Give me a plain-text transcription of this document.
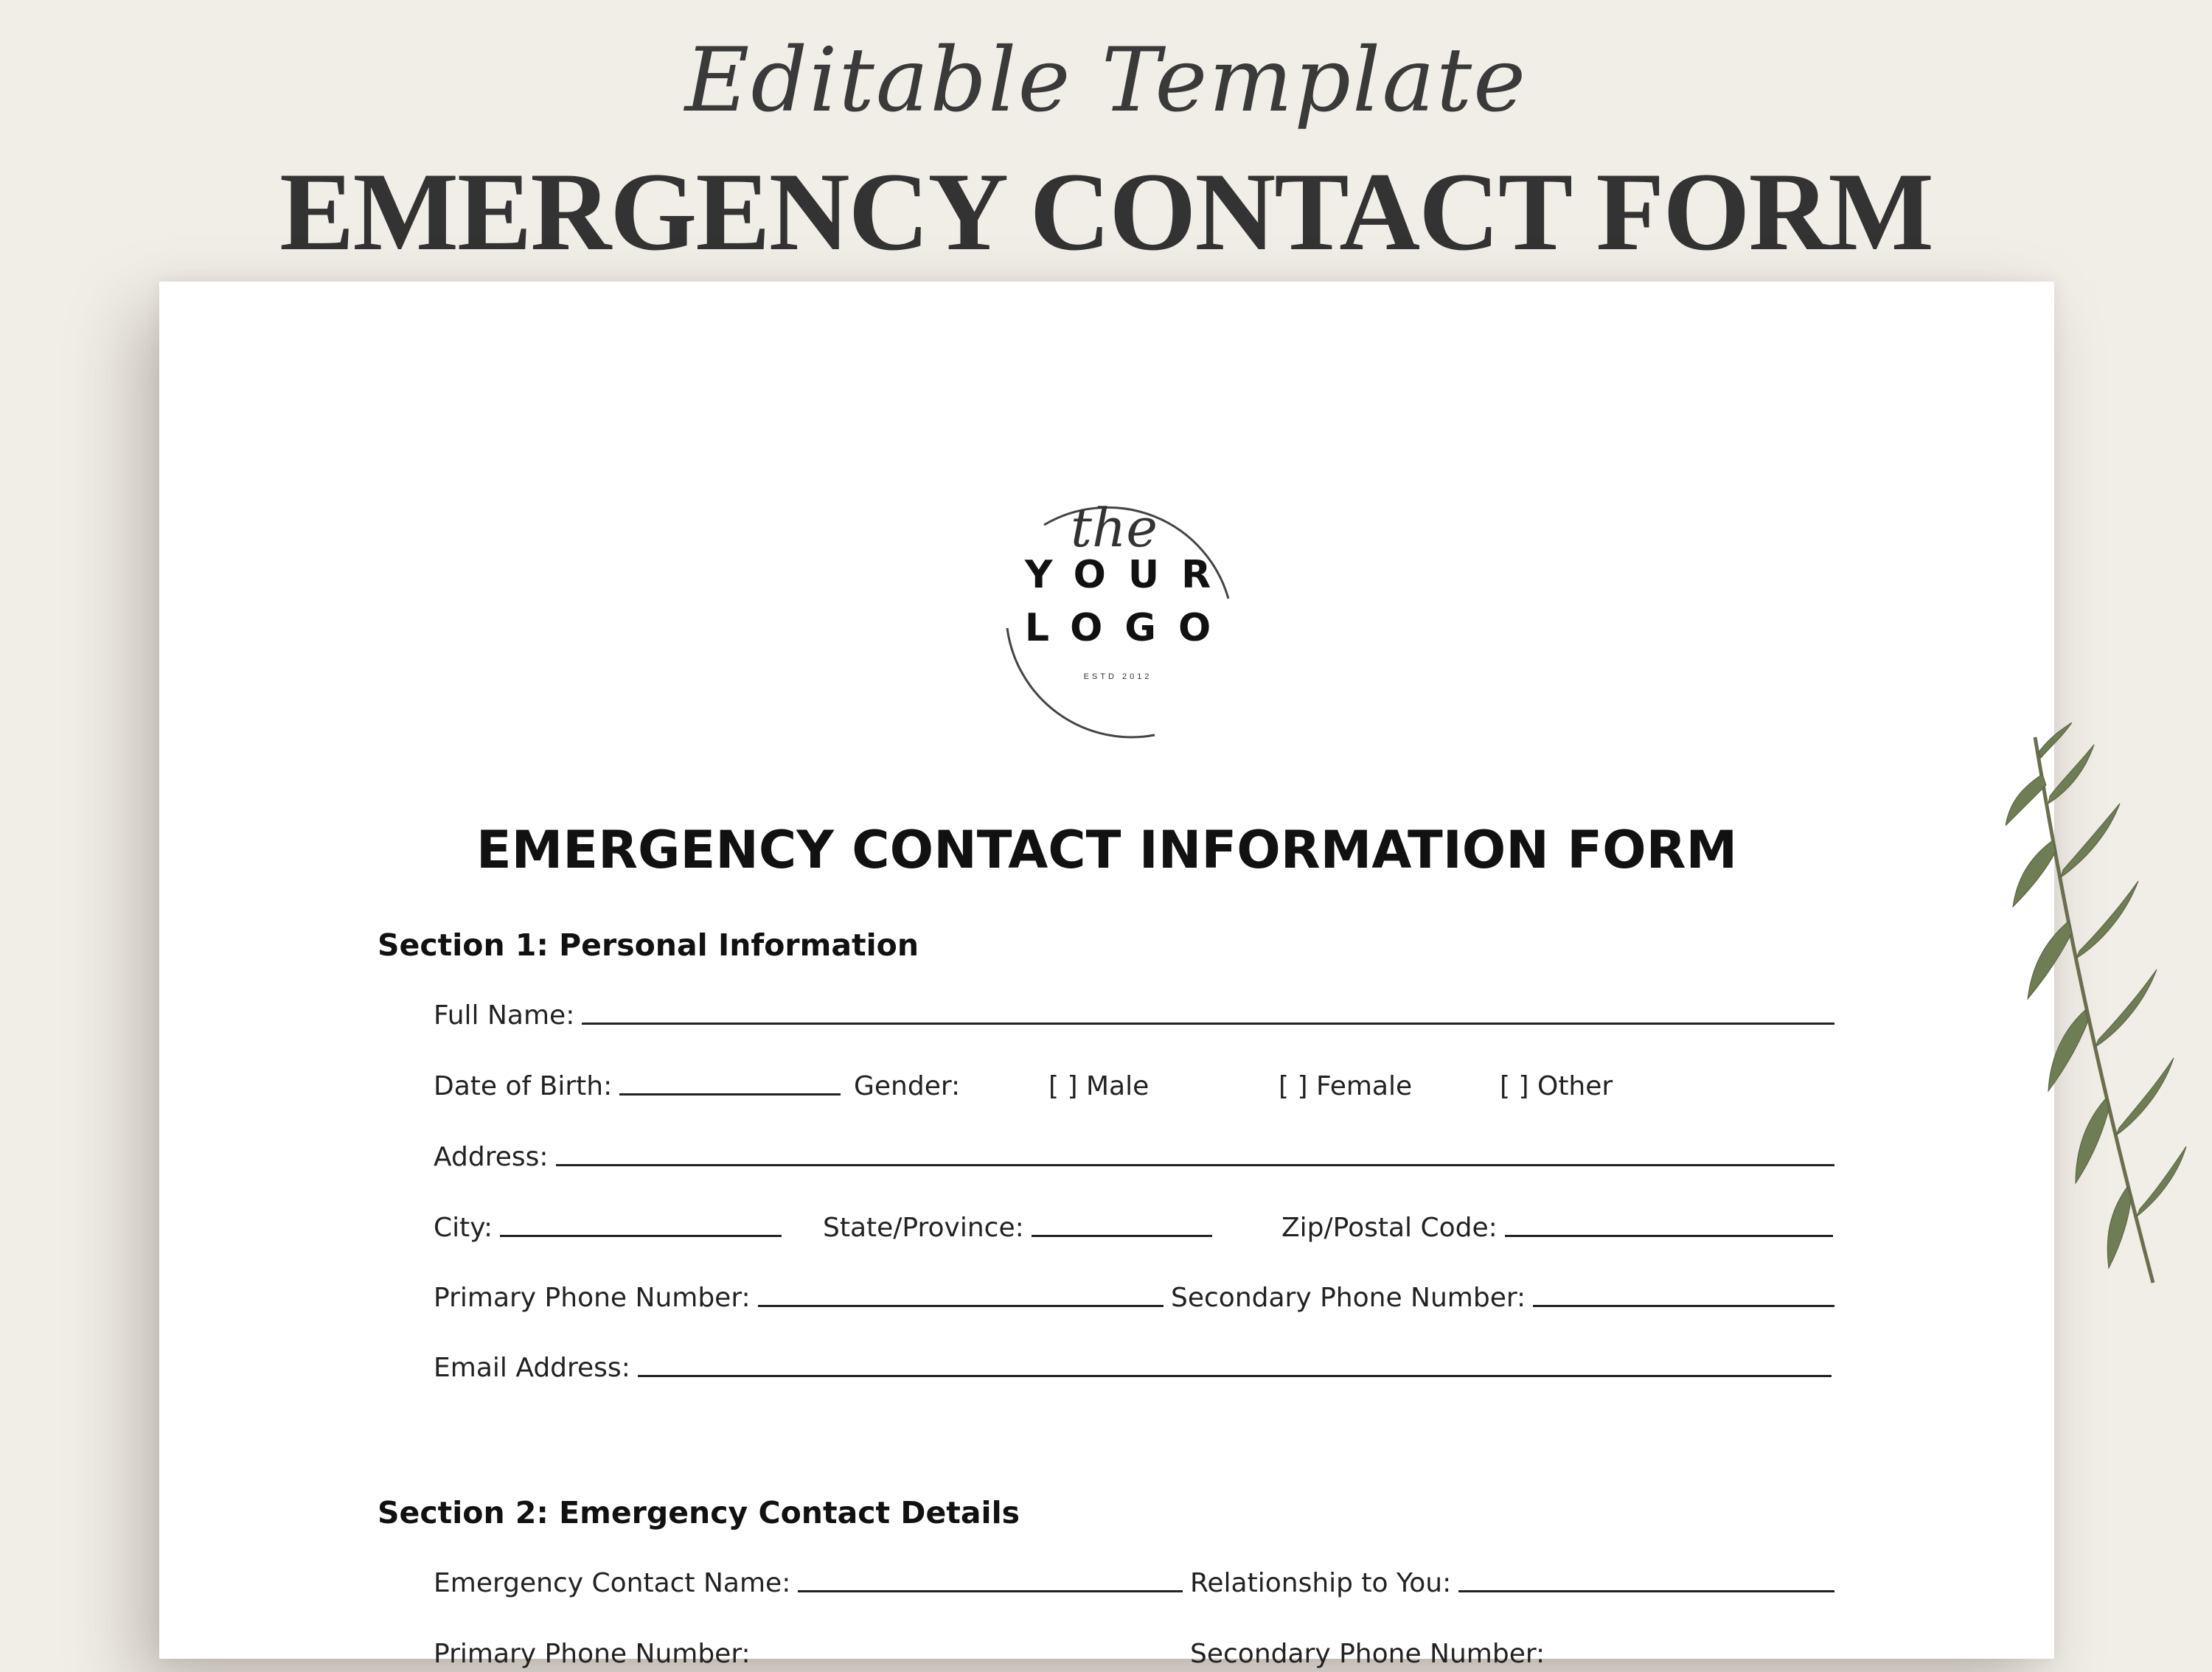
Editable Template
EMERGENCY CONTACT FORM
the
YOUR
LOGO
ESTD 2012
EMERGENCY CONTACT INFORMATION FORM
Section 1: Personal Information
Full Name:
Date of Birth:	Gender:	[ ] Male	[ ] Female	[ ] Other
Address:
City:	State/Province:	Zip/Postal Code:
Primary Phone Number:	Secondary Phone Number:
Email Address:
Section 2: Emergency Contact Details
Emergency Contact Name:	Relationship to You:
Primary Phone Number:	Secondary Phone Number:
